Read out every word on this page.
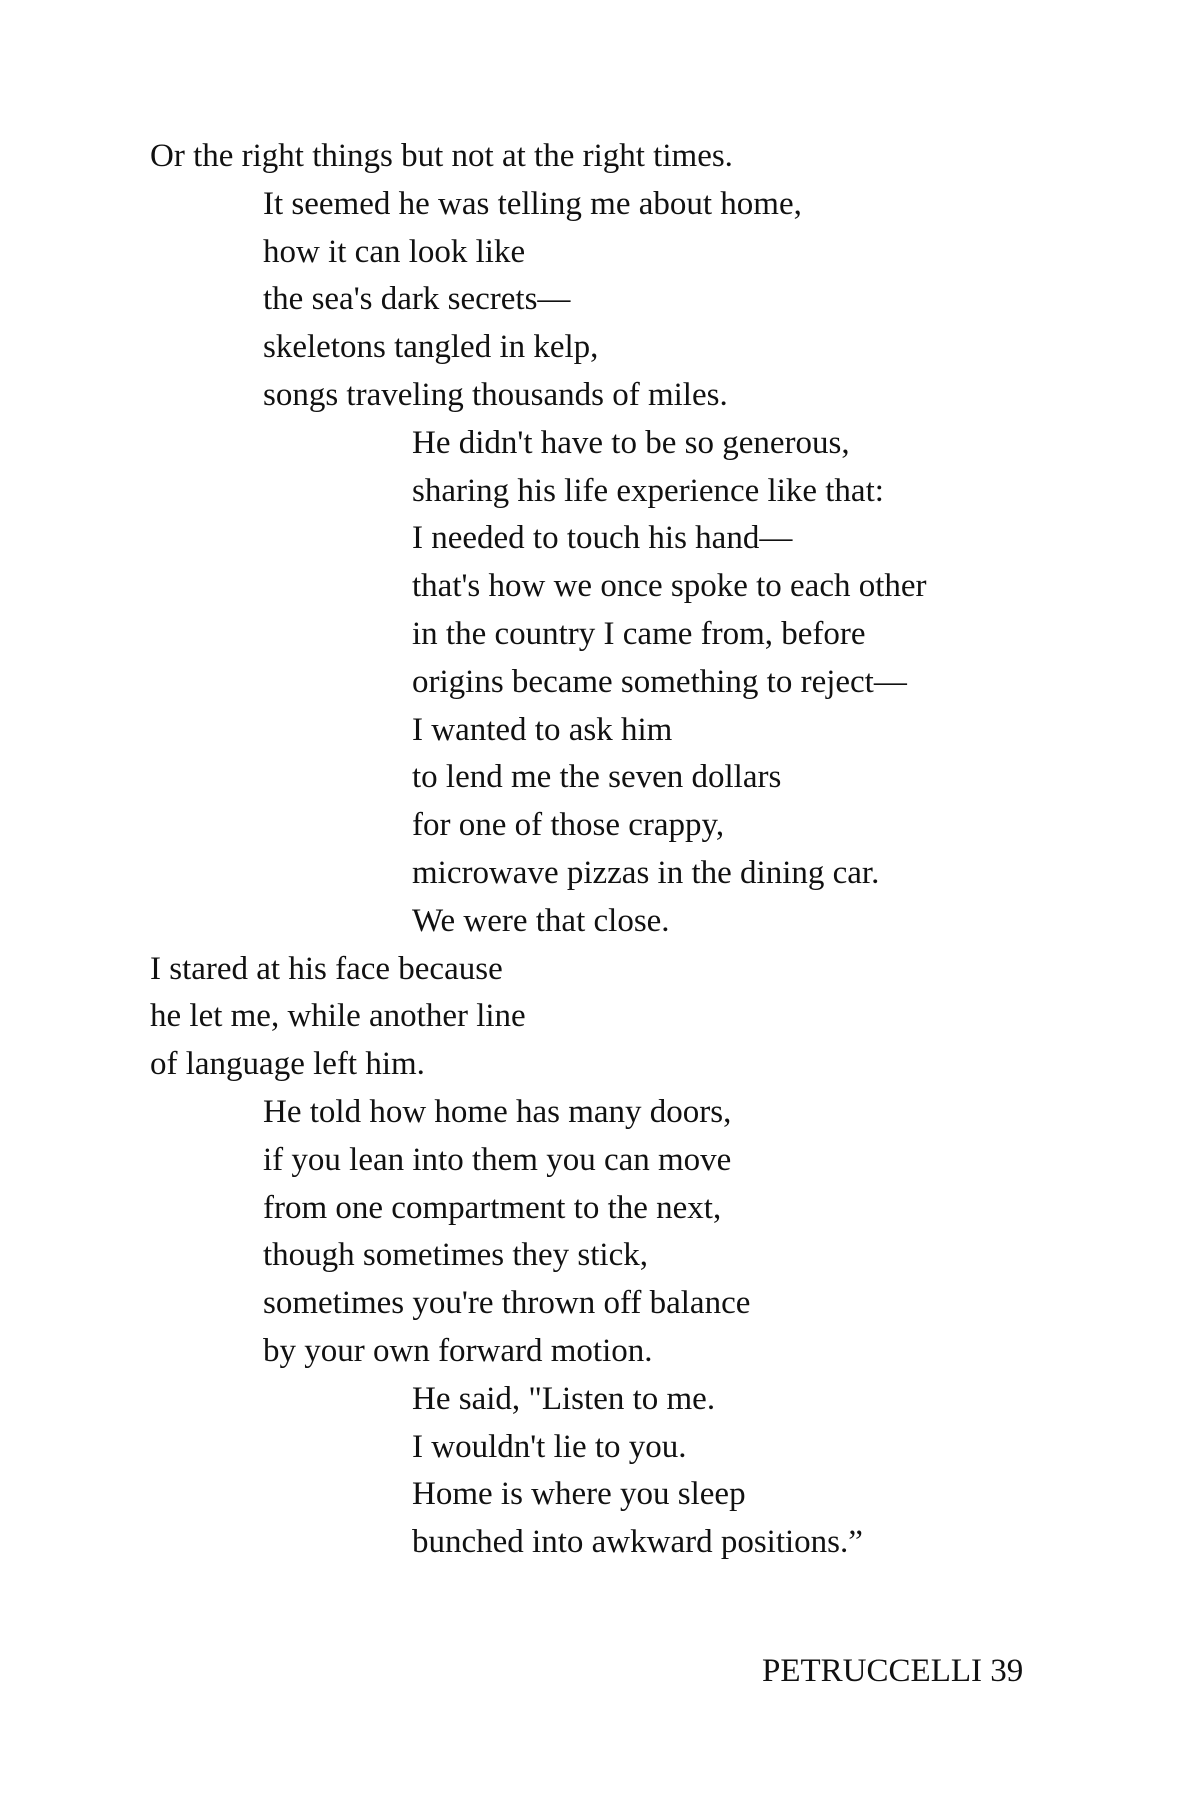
Or the right things but not at the right times.
It seemed he was telling me about home,
how it can look like
the sea's dark secrets—
skeletons tangled in kelp,
songs traveling thousands of miles.
He didn't have to be so generous,
sharing his life experience like that:
I needed to touch his hand—
that's how we once spoke to each other
in the country I came from, before
origins became something to reject—
I wanted to ask him
to lend me the seven dollars
for one of those crappy,
microwave pizzas in the dining car.
We were that close.
I stared at his face because
he let me, while another line
of language left him.
He told how home has many doors,
if you lean into them you can move
from one compartment to the next,
though sometimes they stick,
sometimes you're thrown off balance
by your own forward motion.
He said, "Listen to me.
I wouldn't lie to you.
Home is where you sleep
bunched into awkward positions.”
PETRUCCELLI 39
